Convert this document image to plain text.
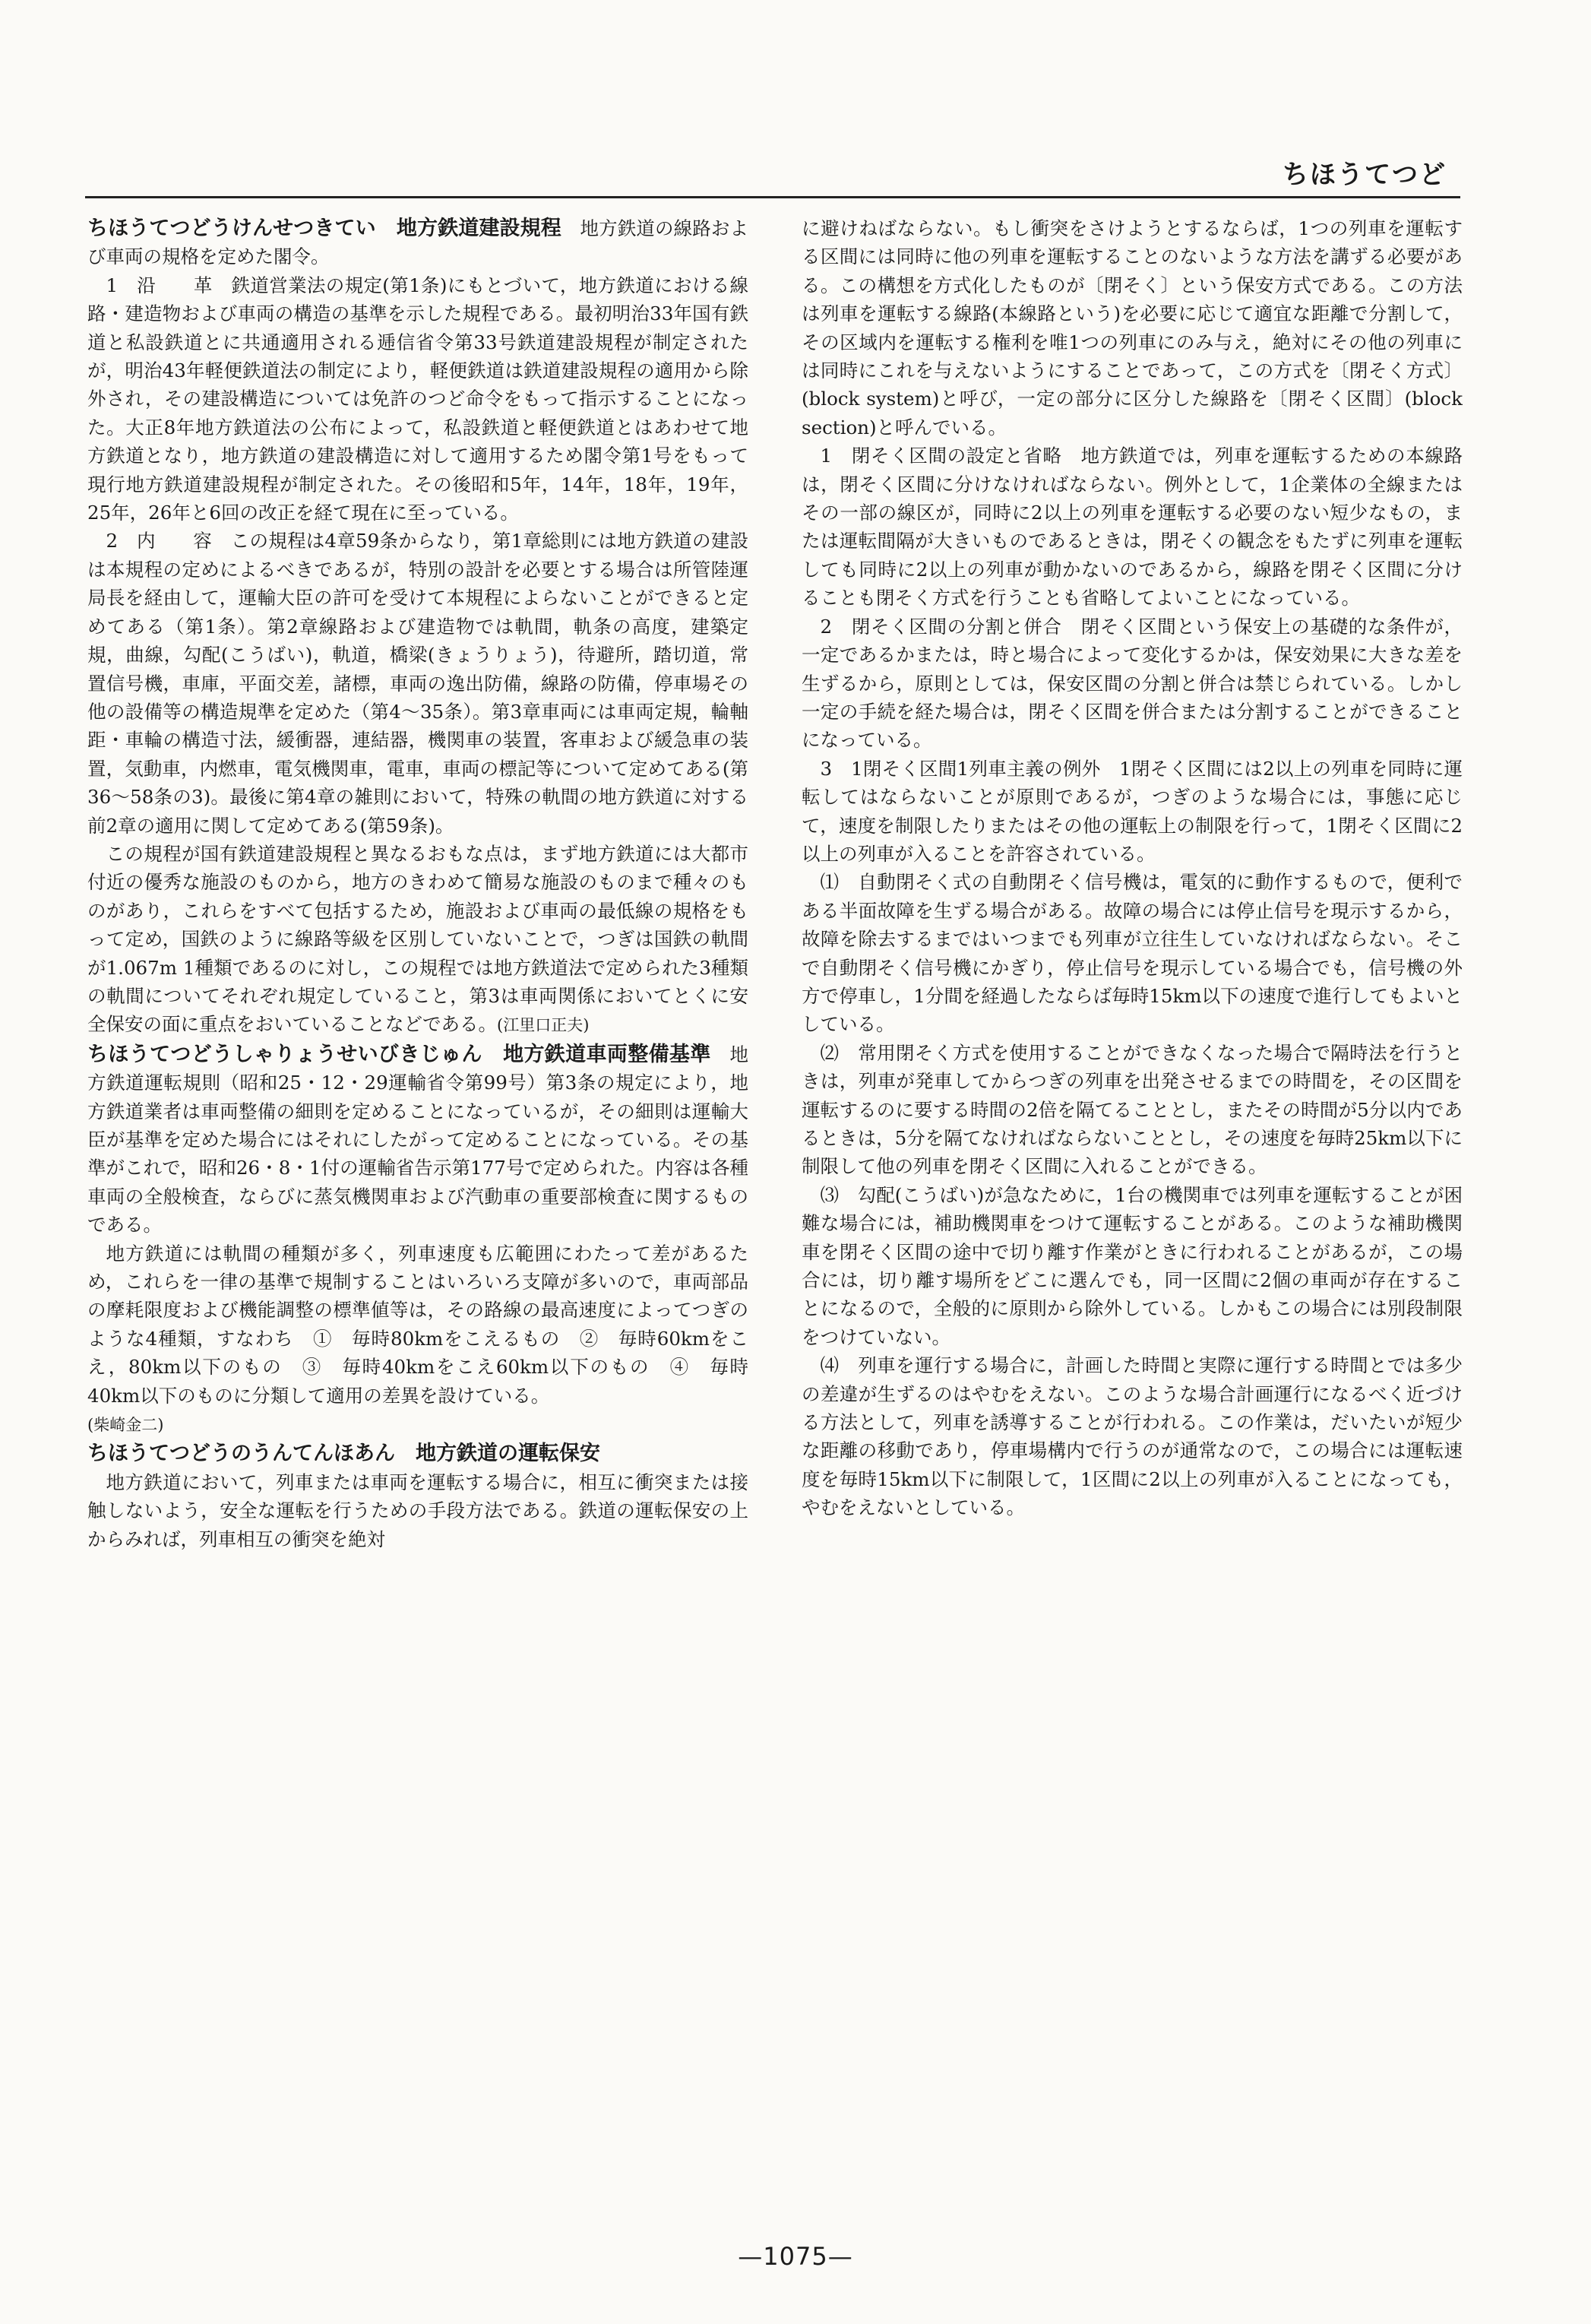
ちほうてつど

ちほうてつどうけんせつきてい　地方鉄道建設規程　 地方鉄道の線路および車両の規格を定めた閣令。

1　沿　　革　鉄道営業法の規定(第1条)にもとづいて，地方鉄道における線路・建造物および車両の構造の基準を示した規程である。最初明治33年国有鉄道と私設鉄道とに共通適用される逓信省令第33号鉄道建設規程が制定されたが，明治43年軽便鉄道法の制定により，軽便鉄道は鉄道建設規程の適用から除外され，その建設構造については免許のつど命令をもって指示することになった。大正8年地方鉄道法の公布によって，私設鉄道と軽便鉄道とはあわせて地方鉄道となり，地方鉄道の建設構造に対して適用するため閣令第1号をもって現行地方鉄道建設規程が制定された。その後昭和5年，14年，18年，19年，25年，26年と6回の改正を経て現在に至っている。

2　内　　容　この規程は4章59条からなり，第1章総則には地方鉄道の建設は本規程の定めによるべきであるが，特別の設計を必要とする場合は所管陸運局長を経由して，運輸大臣の許可を受けて本規程によらないことができると定めてある（第1条）。第2章線路および建造物では軌間，軌条の高度，建築定規，曲線，勾配(こうばい)，軌道，橋梁(きょうりょう)，待避所，踏切道，常置信号機，車庫，平面交差，諸標，車両の逸出防備，線路の防備，停車場その他の設備等の構造規準を定めた（第4～35条）。第3章車両には車両定規，輪軸距・車輪の構造寸法，緩衝器，連結器，機関車の装置，客車および緩急車の装置，気動車，内燃車，電気機関車，電車，車両の標記等について定めてある(第36～58条の3)。最後に第4章の雑則において，特殊の軌間の地方鉄道に対する前2章の適用に関して定めてある(第59条)。

この規程が国有鉄道建設規程と異なるおもな点は，まず地方鉄道には大都市付近の優秀な施設のものから，地方のきわめて簡易な施設のものまで種々のものがあり，これらをすべて包括するため，施設および車両の最低線の規格をもって定め，国鉄のように線路等級を区別していないことで，つぎは国鉄の軌間が1.067m 1種類であるのに対し，この規程では地方鉄道法で定められた3種類の軌間についてそれぞれ規定していること，第3は車両関係においてとくに安全保安の面に重点をおいていることなどである。(江里口正夫)

ちほうてつどうしゃりょうせいびきじゅん　地方鉄道車両整備基準　 地方鉄道運転規則（昭和25・12・29運輸省令第99号）第3条の規定により，地方鉄道業者は車両整備の細則を定めることになっているが，その細則は運輸大臣が基準を定めた場合にはそれにしたがって定めることになっている。その基準がこれで，昭和26・8・1付の運輸省告示第177号で定められた。内容は各種車両の全般検査，ならびに蒸気機関車および汽動車の重要部検査に関するものである。

地方鉄道には軌間の種類が多く，列車速度も広範囲にわたって差があるため，これらを一律の基準で規制することはいろいろ支障が多いので，車両部品の摩耗限度および機能調整の標準値等は，その路線の最高速度によってつぎのような4種類，すなわち　①　毎時80kmをこえるもの　②　毎時60kmをこえ，80km以下のもの　③　毎時40kmをこえ60km以下のもの　④　毎時40km以下のものに分類して適用の差異を設けている。

(柴崎金二)

ちほうてつどうのうんてんほあん　地方鉄道の運転保安

地方鉄道において，列車または車両を運転する場合に，相互に衝突または接触しないよう，安全な運転を行うための手段方法である。鉄道の運転保安の上からみれば，列車相互の衝突を絶対

に避けねばならない。もし衝突をさけようとするならば，1つの列車を運転する区間には同時に他の列車を運転することのないような方法を講ずる必要がある。この構想を方式化したものが〔閉そく〕という保安方式である。この方法は列車を運転する線路(本線路という)を必要に応じて適宜な距離で分割して，その区域内を運転する権利を唯1つの列車にのみ与え，絶対にその他の列車には同時にこれを与えないようにすることであって，この方式を〔閉そく方式〕(block system)と呼び，一定の部分に区分した線路を〔閉そく区間〕(block section)と呼んでいる。

1　閉そく区間の設定と省略　地方鉄道では，列車を運転するための本線路は，閉そく区間に分けなければならない。例外として，1企業体の全線またはその一部の線区が，同時に2以上の列車を運転する必要のない短少なもの，または運転間隔が大きいものであるときは，閉そくの観念をもたずに列車を運転しても同時に2以上の列車が動かないのであるから，線路を閉そく区間に分けることも閉そく方式を行うことも省略してよいことになっている。

2　閉そく区間の分割と併合　閉そく区間という保安上の基礎的な条件が，一定であるかまたは，時と場合によって変化するかは，保安効果に大きな差を生ずるから，原則としては，保安区間の分割と併合は禁じられている。しかし一定の手続を経た場合は，閉そく区間を併合または分割することができることになっている。

3　1閉そく区間1列車主義の例外　1閉そく区間には2以上の列車を同時に運転してはならないことが原則であるが，つぎのような場合には，事態に応じて，速度を制限したりまたはその他の運転上の制限を行って，1閉そく区間に2以上の列車が入ることを許容されている。

⑴　自動閉そく式の自動閉そく信号機は，電気的に動作するもので，便利である半面故障を生ずる場合がある。故障の場合には停止信号を現示するから，故障を除去するまではいつまでも列車が立往生していなければならない。そこで自動閉そく信号機にかぎり，停止信号を現示している場合でも，信号機の外方で停車し，1分間を経過したならば毎時15km以下の速度で進行してもよいとしている。

⑵　常用閉そく方式を使用することができなくなった場合で隔時法を行うときは，列車が発車してからつぎの列車を出発させるまでの時間を，その区間を運転するのに要する時間の2倍を隔てることとし，またその時間が5分以内であるときは，5分を隔てなければならないこととし，その速度を毎時25km以下に制限して他の列車を閉そく区間に入れることができる。

⑶　勾配(こうばい)が急なために，1台の機関車では列車を運転することが困難な場合には，補助機関車をつけて運転することがある。このような補助機関車を閉そく区間の途中で切り離す作業がときに行われることがあるが，この場合には，切り離す場所をどこに選んでも，同一区間に2個の車両が存在することになるので，全般的に原則から除外している。しかもこの場合には別段制限をつけていない。

⑷　列車を運行する場合に，計画した時間と実際に運行する時間とでは多少の差違が生ずるのはやむをえない。このような場合計画運行になるべく近づける方法として，列車を誘導することが行われる。この作業は，だいたいが短少な距離の移動であり，停車場構内で行うのが通常なので，この場合には運転速度を毎時15km以下に制限して，1区間に2以上の列車が入ることになっても，やむをえないとしている。

—1075—
